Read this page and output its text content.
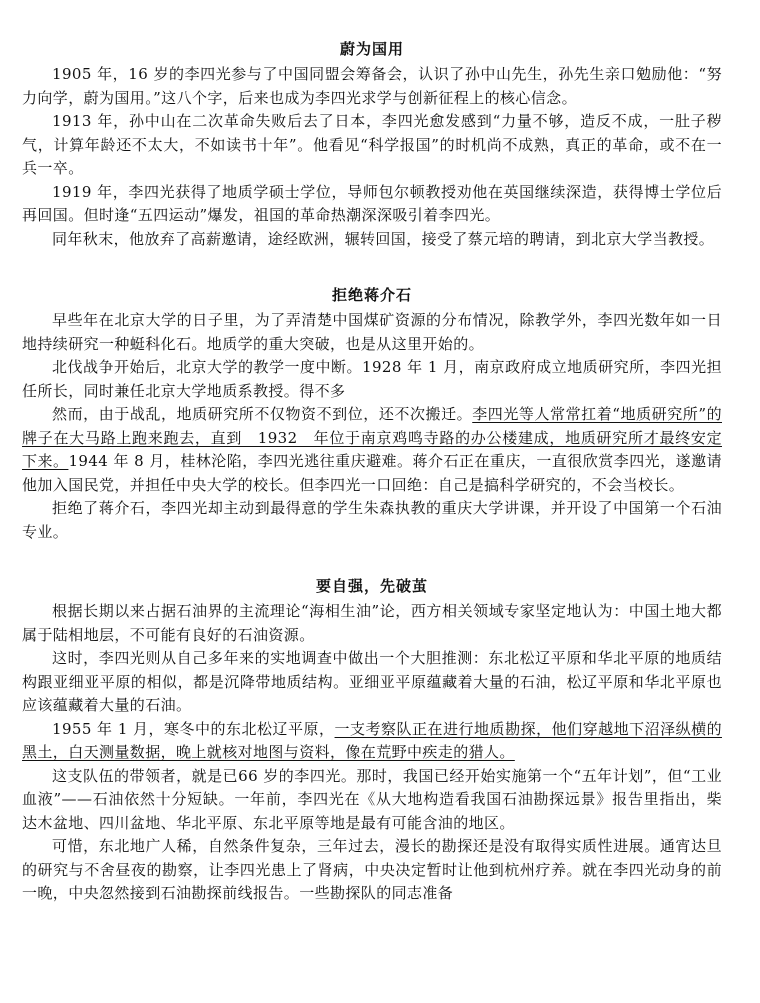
蔚为国用

1905 年，16 岁的李四光参与了中国同盟会筹备会，认识了孙中山先生，孙先生亲口勉励他：“努力向学，蔚为国用。”这八个字，后来也成为李四光求学与创新征程上的核心信念。

1913 年，孙中山在二次革命失败后去了日本，李四光愈发感到“力量不够，造反不成，一肚子秽气，计算年龄还不太大，不如读书十年”。他看见“科学报国”的时机尚不成熟，真正的革命，或不在一兵一卒。

1919 年，李四光获得了地质学硕士学位，导师包尔顿教授劝他在英国继续深造，获得博士学位后再回国。但时逢“五四运动”爆发，祖国的革命热潮深深吸引着李四光。

同年秋末，他放弃了高薪邀请，途经欧洲，辗转回国，接受了蔡元培的聘请，到北京大学当教授。

拒绝蒋介石

早些年在北京大学的日子里，为了弄清楚中国煤矿资源的分布情况，除教学外，李四光数年如一日地持续研究一种蜓科化石。地质学的重大突破，也是从这里开始的。

北伐战争开始后，北京大学的教学一度中断。1928 年 1 月，南京政府成立地质研究所，李四光担任所长，同时兼任北京大学地质系教授。得不多

然而，由于战乱，地质研究所不仅物资不到位，还不次搬迁。李四光等人常常扛着“地质研究所”的牌子在大马路上跑来跑去，直到　1932　年位于南京鸡鸣寺路的办公楼建成，地质研究所才最终安定下来。1944 年 8 月，桂林沦陷，李四光逃往重庆避难。蒋介石正在重庆，一直很欣赏李四光，遂邀请他加入国民党，并担任中央大学的校长。但李四光一口回绝：自己是搞科学研究的，不会当校长。

拒绝了蒋介石，李四光却主动到最得意的学生朱森执教的重庆大学讲课，并开设了中国第一个石油专业。

要自强，先破茧

根据长期以来占据石油界的主流理论“海相生油”论，西方相关领域专家坚定地认为：中国土地大都属于陆相地层，不可能有良好的石油资源。

这时，李四光则从自己多年来的实地调查中做出一个大胆推测：东北松辽平原和华北平原的地质结构跟亚细亚平原的相似，都是沉降带地质结构。亚细亚平原蕴藏着大量的石油，松辽平原和华北平原也应该蕴藏着大量的石油。

1955 年 1 月，寒冬中的东北松辽平原，一支考察队正在进行地质勘探，他们穿越地下沼泽纵横的黑土，白天测量数据，晚上就核对地图与资料，像在荒野中疾走的猎人。

这支队伍的带领者，就是已66 岁的李四光。那时，我国已经开始实施第一个“五年计划”，但“工业血液”——石油依然十分短缺。一年前，李四光在《从大地构造看我国石油勘探远景》报告里指出，柴达木盆地、四川盆地、华北平原、东北平原等地是最有可能含油的地区。

可惜，东北地广人稀，自然条件复杂，三年过去，漫长的勘探还是没有取得实质性进展。通宵达旦的研究与不舍昼夜的勘察，让李四光患上了肾病，中央决定暂时让他到杭州疗养。就在李四光动身的前一晚，中央忽然接到石油勘探前线报告。一些勘探队的同志准备
